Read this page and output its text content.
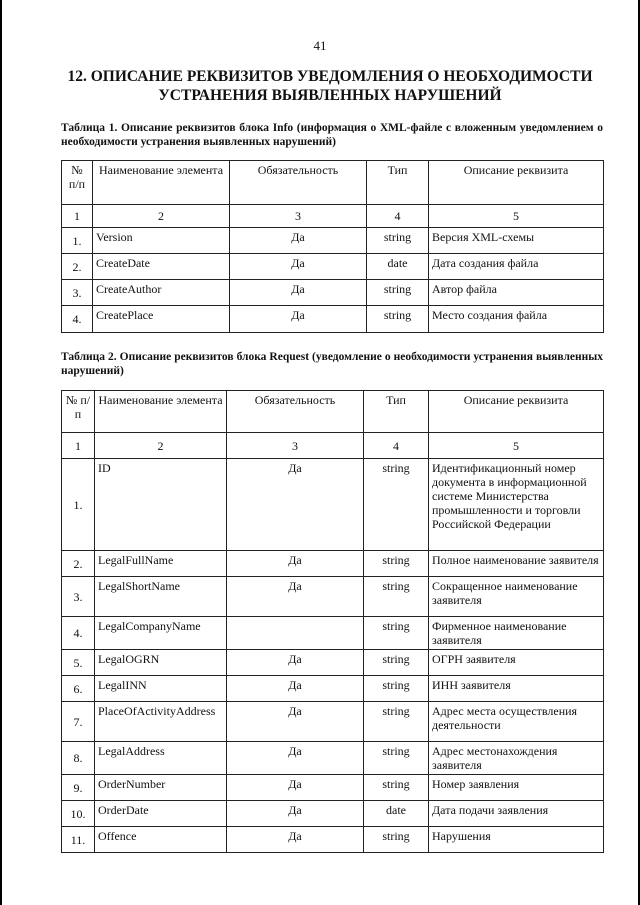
41
12. ОПИСАНИЕ РЕКВИЗИТОВ УВЕДОМЛЕНИЯ О НЕОБХОДИМОСТИ
УСТРАНЕНИЯ ВЫЯВЛЕННЫХ НАРУШЕНИЙ
Таблица 1. Описание реквизитов блока Info (информация о XML-файле с вложенным уведомлением о необходимости устранения выявленных нарушений)
№ п/п	Наименование элемента	Обязательность	Тип	Описание реквизита
1	2	3	4	5
1.	Version	Да	string	Версия XML-схемы
2.	CreateDate	Да	date	Дата создания файла
3.	CreateAuthor	Да	string	Автор файла
4.	CreatePlace	Да	string	Место создания файла
Таблица 2. Описание реквизитов блока Request (уведомление о необходимости устранения выявленных нарушений)
№ п/п	Наименование элемента	Обязательность	Тип	Описание реквизита
1	2	3	4	5
1.	ID	Да	string	Идентификационный номер документа в информационной системе Министерства промышленности и торговли Российской Федерации
2.	LegalFullName	Да	string	Полное наименование заявителя
3.	LegalShortName	Да	string	Сокращенное наименование заявителя
4.	LegalCompanyName		string	Фирменное наименование заявителя
5.	LegalOGRN	Да	string	ОГРН заявителя
6.	LegalINN	Да	string	ИНН заявителя
7.	PlaceOfActivityAddress	Да	string	Адрес места осуществления деятельности
8.	LegalAddress	Да	string	Адрес местонахождения заявителя
9.	OrderNumber	Да	string	Номер заявления
10.	OrderDate	Да	date	Дата подачи заявления
11.	Offence	Да	string	Нарушения
